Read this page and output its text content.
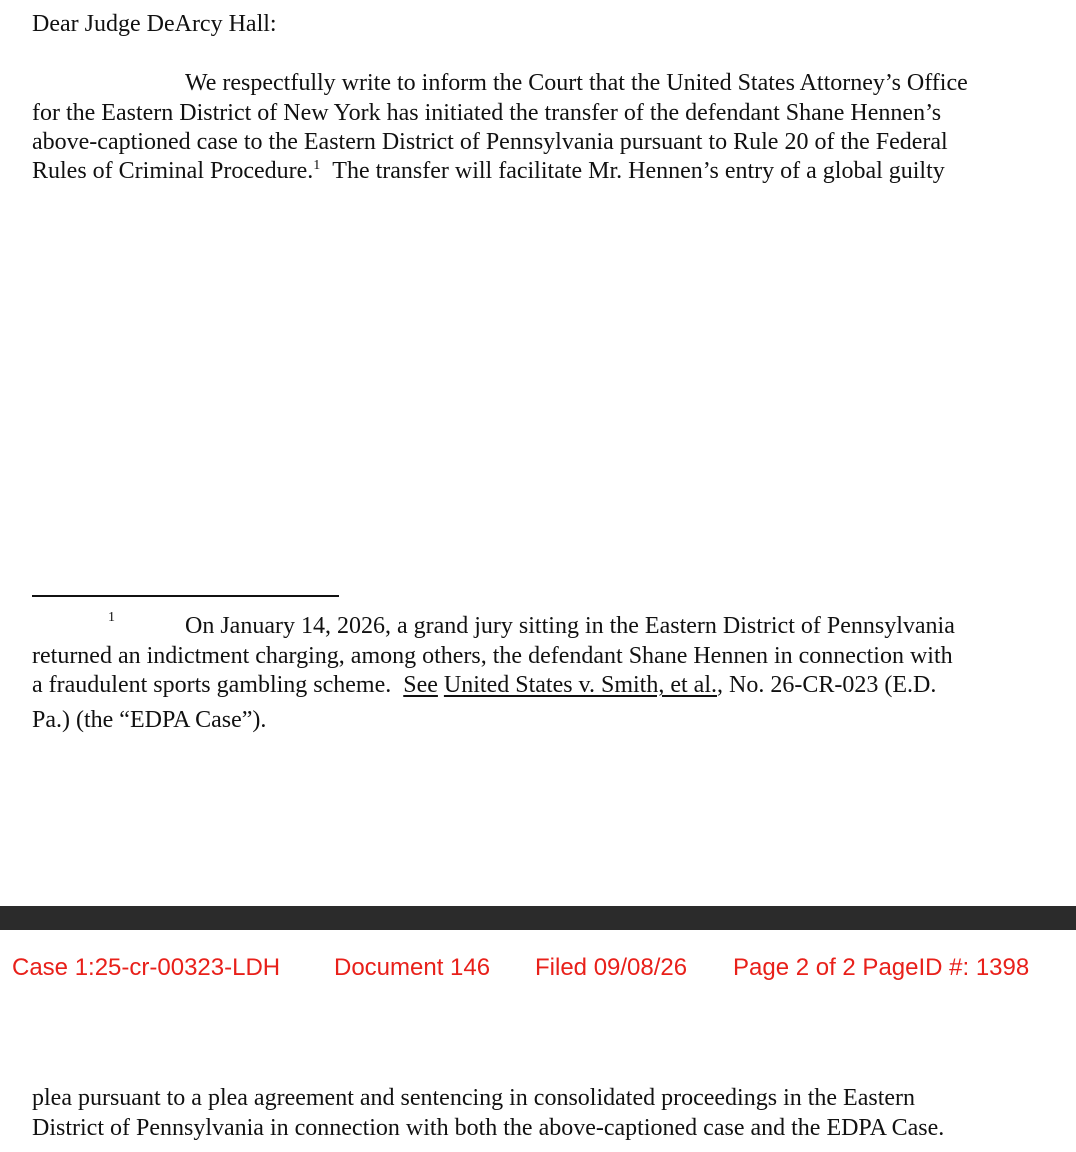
Dear Judge DeArcy Hall:
We respectfully write to inform the Court that the United States Attorney’s Office
for the Eastern District of New York has initiated the transfer of the defendant Shane Hennen’s
above-captioned case to the Eastern District of Pennsylvania pursuant to Rule 20 of the Federal
Rules of Criminal Procedure.$^1$ The transfer will facilitate Mr. Hennen’s entry of a global guilty
1	On January 14, 2026, a grand jury sitting in the Eastern District of Pennsylvania
returned an indictment charging, among others, the defendant Shane Hennen in connection with
a fraudulent sports gambling scheme. See United States v. Smith, et al., No. 26-CR-023 (E.D.
Pa.) (the “EDPA Case”).
Case 1:25-cr-00323-LDH Document 146 Filed 09/08/26 Page 2 of 2 PageID #: 1398
plea pursuant to a plea agreement and sentencing in consolidated proceedings in the Eastern
District of Pennsylvania in connection with both the above-captioned case and the EDPA Case.
